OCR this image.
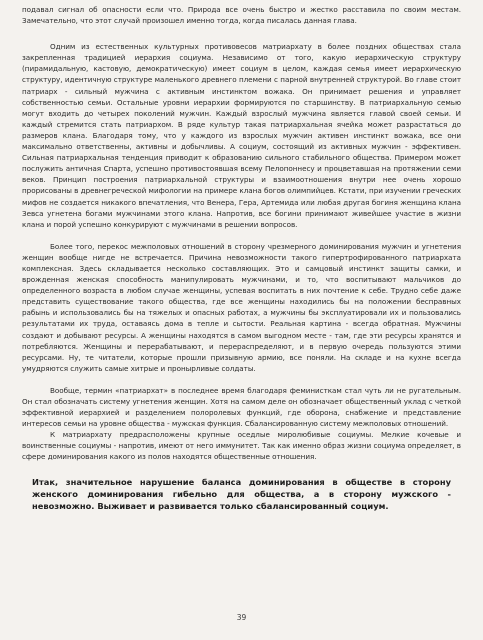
подавал сигнал об опасности если что. Природа все очень быстро и жестко расставила по своим местам. Замечательно, что этот случай произошел именно тогда, когда писалась данная глава.

Одним из естественных культурных противовесов матриархату в более поздних обществах стала закрепленная традицией иерархия социума. Независимо от того, какую иерархическую структуру (пирамидальную, кастовую, демократическую) имеет социум в целом, каждая семья имеет иерархическую структуру, идентичную структуре маленького древнего племени с парной внутренней структурой. Во главе стоит патриарх - сильный мужчина с активным инстинктом вожака. Он принимает решения и управляет собственностью семьи. Остальные уровни иерархии формируются по старшинству. В патриархальную семью могут входить до четырех поколений мужчин. Каждый взрослый мужчина является главой своей семьи. И каждый стремится стать патриархом. В ряде культур такая патриархальная ячейка может разрастаться до размеров клана. Благодаря тому, что у каждого из взрослых мужчин активен инстинкт вожака, все они максимально ответственны, активны и добычливы. А социум, состоящий из активных мужчин - эффективен. Сильная патриархальная тенденция приводит к образованию сильного стабильного общества. Примером может послужить античная Спарта, успешно противостоявшая всему Пелопоннесу и процветавшая на протяжении семи веков. Принцип построения патриархальной структуры и взаимоотношения внутри нее очень хорошо прорисованы в древнегреческой мифологии на примере клана богов олимпийцев. Кстати, при изучении греческих мифов не создается никакого впечатления, что Венера, Гера, Артемида или любая другая богиня женщина клана Зевса угнетена богами мужчинами этого клана. Напротив, все богини принимают живейшее участие в жизни клана и порой успешно конкурируют с мужчинами в решении вопросов.

Более того, перекос межполовых отношений в сторону чрезмерного доминирования мужчин и угнетения женщин вообще нигде не встречается. Причина невозможности такого гипертрофированного патриархата комплексная. Здесь складывается несколько составляющих. Это и самцовый инстинкт защиты самки, и врожденная женская способность манипулировать мужчинами, и то, что воспитывают мальчиков до определенного возраста в любом случае женщины, успевая воспитать в них почтение к себе. Трудно себе даже представить существование такого общества, где все женщины находились бы на положении бесправных рабынь и использовались бы на тяжелых и опасных работах, а мужчины бы эксплуатировали их и пользовались результатами их труда, оставаясь дома в тепле и сытости. Реальная картина - всегда обратная. Мужчины создают и добывают ресурсы. А женщины находятся в самом выгодном месте - там, где эти ресурсы хранятся и потребляются. Женщины и перерабатывают, и перераспределяют, и в первую очередь пользуются этими ресурсами. Ну, те читатели, которые прошли призывную армию, все поняли. На складе и на кухне всегда умудряются служить самые хитрые и пронырливые солдаты.

Вообще, термин «патриархат» в последнее время благодаря феминисткам стал чуть ли не ругательным. Он стал обозначать систему угнетения женщин. Хотя на самом деле он обозначает общественный уклад с четкой эффективной иерархией и разделением полоролевых функций, где оборона, снабжение и представление интересов семьи на уровне общества - мужская функция. Сбалансированную систему межполовых отношений.

К матриархату предрасположены крупные оседлые миролюбивые социумы. Мелкие кочевые и воинственные социумы - напротив, имеют от него иммунитет. Так как именно образ жизни социума определяет, в сфере доминирования какого из полов находятся общественные отношения.

Итак, значительное нарушение баланса доминирования в обществе в сторону женского доминирования гибельно для общества, а в сторону мужского - невозможно. Выживает и развивается только сбалансированный социум.

39
